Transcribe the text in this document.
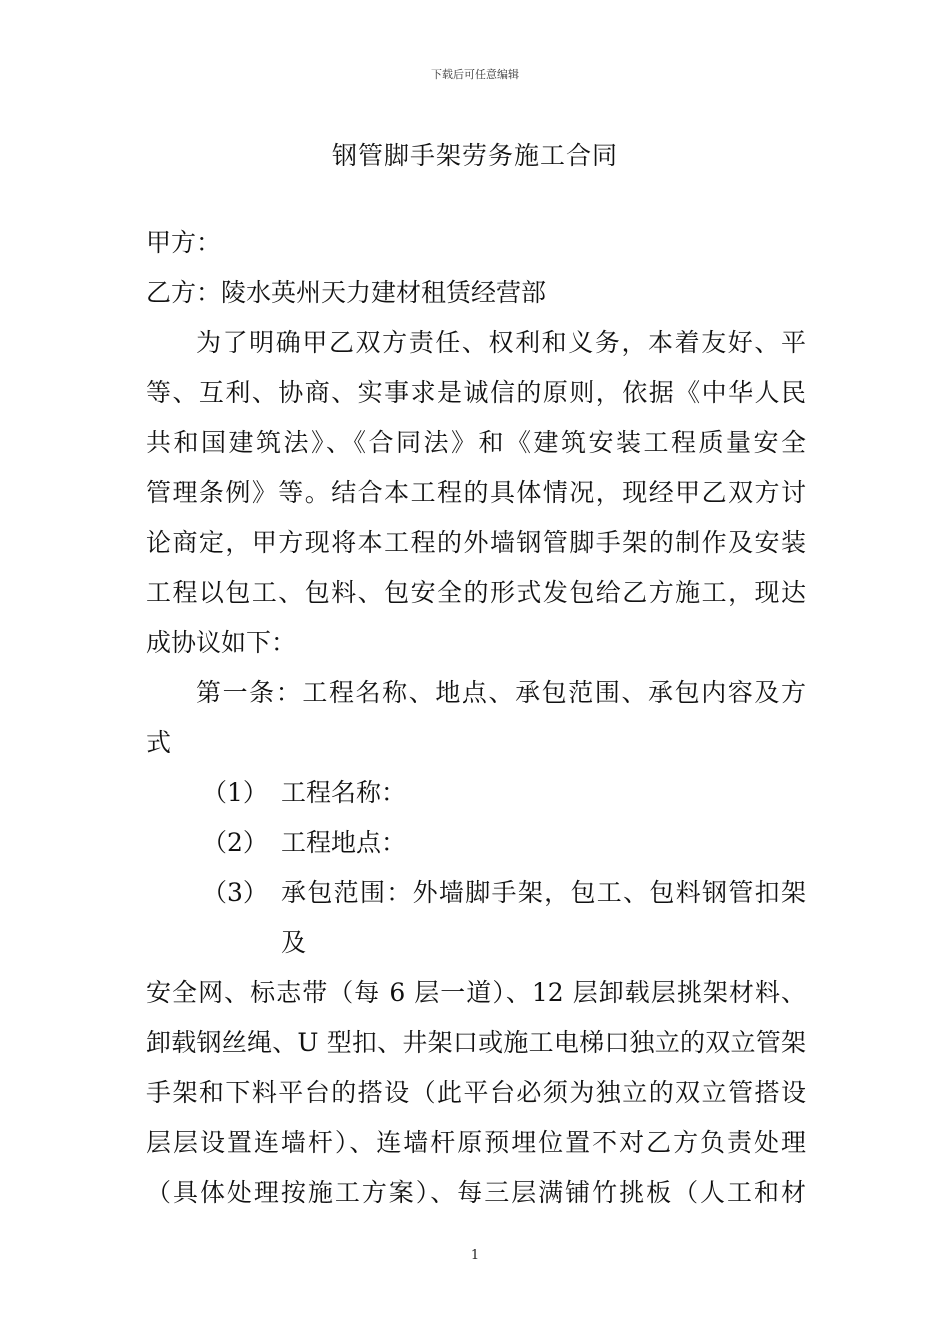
下载后可任意编辑
钢管脚手架劳务施工合同
甲方：
乙方：陵水英州天力建材租赁经营部
为了明确甲乙双方责任、权利和义务，本着友好、平
等、互利、协商、实事求是诚信的原则，依据《中华人民
共和国建筑法》、《合同法》和《建筑安装工程质量安全
管理条例》等。结合本工程的具体情况，现经甲乙双方讨
论商定，甲方现将本工程的外墙钢管脚手架的制作及安装
工程以包工、包料、包安全的形式发包给乙方施工，现达
成协议如下：
第一条：工程名称、地点、承包范围、承包内容及方
式
（1） 工程名称：
（2） 工程地点：
（3） 承包范围：外墙脚手架，包工、包料钢管扣架
及
安全网、标志带（每 6 层一道）、12 层卸载层挑架材料、
卸载钢丝绳、U 型扣、井架口或施工电梯口独立的双立管架
手架和下料平台的搭设（此平台必须为独立的双立管搭设
层层设置连墙杆）、连墙杆原预埋位置不对乙方负责处理
（具体处理按施工方案）、每三层满铺竹挑板（人工和材
1
